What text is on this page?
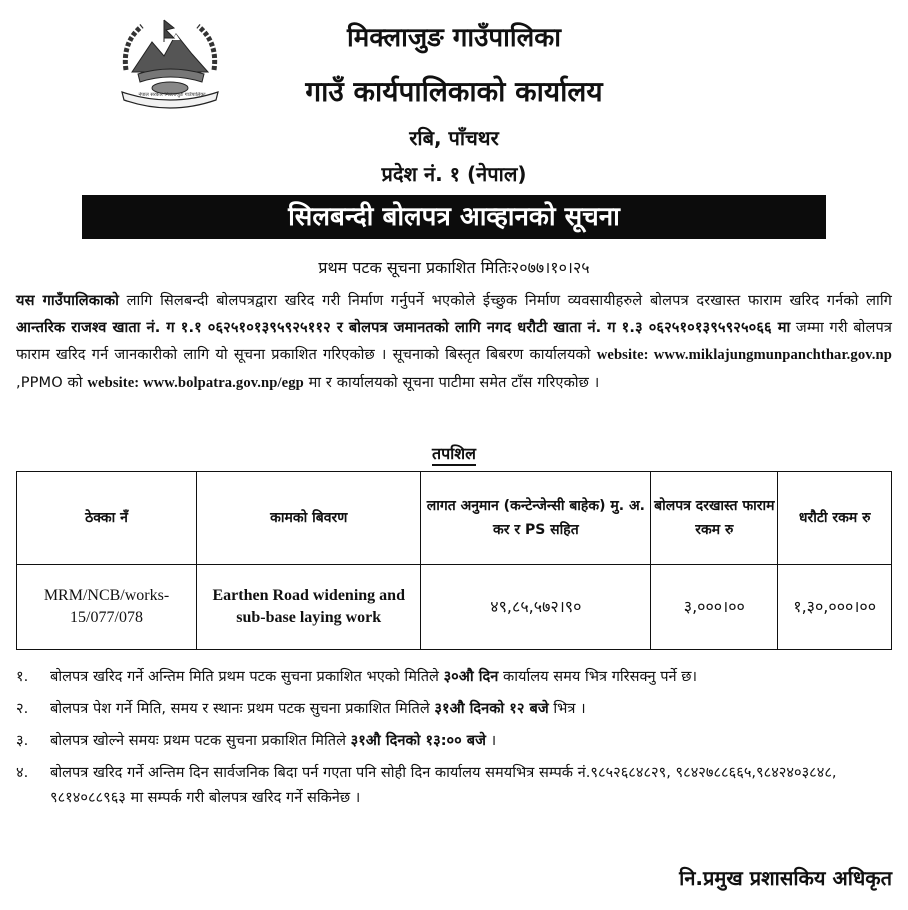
नेपाल सरकार मिक्लाजुङ गाउँपालिका
मिक्लाजुङ गाउँपालिका
गाउँ कार्यपालिकाको कार्यालय
रबि, पाँचथर
प्रदेश नं. १ (नेपाल)
सिलबन्दी बोलपत्र आव्हानको सूचना
प्रथम पटक सूचना प्रकाशित मितिः२०७७।१०।२५
यस गाउँपालिकाको लागि सिलबन्दी बोलपत्रद्वारा खरिद गरी निर्माण गर्नुपर्ने भएकोले ईच्छुक निर्माण व्यवसायीहरुले बोलपत्र दरखास्त फाराम खरिद गर्नको लागि आन्तरिक राजश्व खाता नं. ग १.१ ०६२५१०१३९५९२५११२ र बोलपत्र जमानतको लागि नगद धरौटी खाता नं. ग १.३ ०६२५१०१३९५९२५०६६ मा जम्मा गरी बोलपत्र फाराम खरिद गर्न जानकारीको लागि यो सूचना प्रकाशित गरिएकोछ । सूचनाको बिस्तृत बिबरण कार्यालयको website: www.miklajungmunpanchthar.gov.np ,PPMO को website: www.bolpatra.gov.np/egp मा र कार्यालयको सूचना पाटीमा समेत टाँस गरिएकोछ ।
तपशिल
ठेक्का नँ	कामको बिवरण	लागत अनुमान (कन्टेन्जेन्सी बाहेक) मु. अ. कर र PS सहित	बोलपत्र दरखास्त फाराम रकम रु	धरौटी रकम रु
MRM/NCB/works-15/077/078	Earthen Road widening and sub-base laying work	४९,८५,५७२।९०	३,०००।००	१,३०,०००।००
१. बोलपत्र खरिद गर्ने अन्तिम मिति प्रथम पटक सुचना प्रकाशित भएको मितिले ३०औ दिन कार्यालय समय भित्र गरिसक्नु पर्ने छ।
२. बोलपत्र पेश गर्ने मिति, समय र स्थानः प्रथम पटक सुचना प्रकाशित मितिले ३१औ दिनको १२ बजे भित्र ।
३. बोलपत्र खोल्ने समयः प्रथम पटक सुचना प्रकाशित मितिले ३१औ दिनको १३:०० बजे ।
४. बोलपत्र खरिद गर्ने अन्तिम दिन सार्वजनिक बिदा पर्न गएता पनि सोही दिन कार्यालय समयभित्र सम्पर्क नं.९८५२६८४८२९, ९८४२७८८६६५,९८४२४०३८४८, ९८१४०८८९६३ मा सम्पर्क गरी बोलपत्र खरिद गर्ने सकिनेछ ।
नि.प्रमुख प्रशासकिय अधिकृत
